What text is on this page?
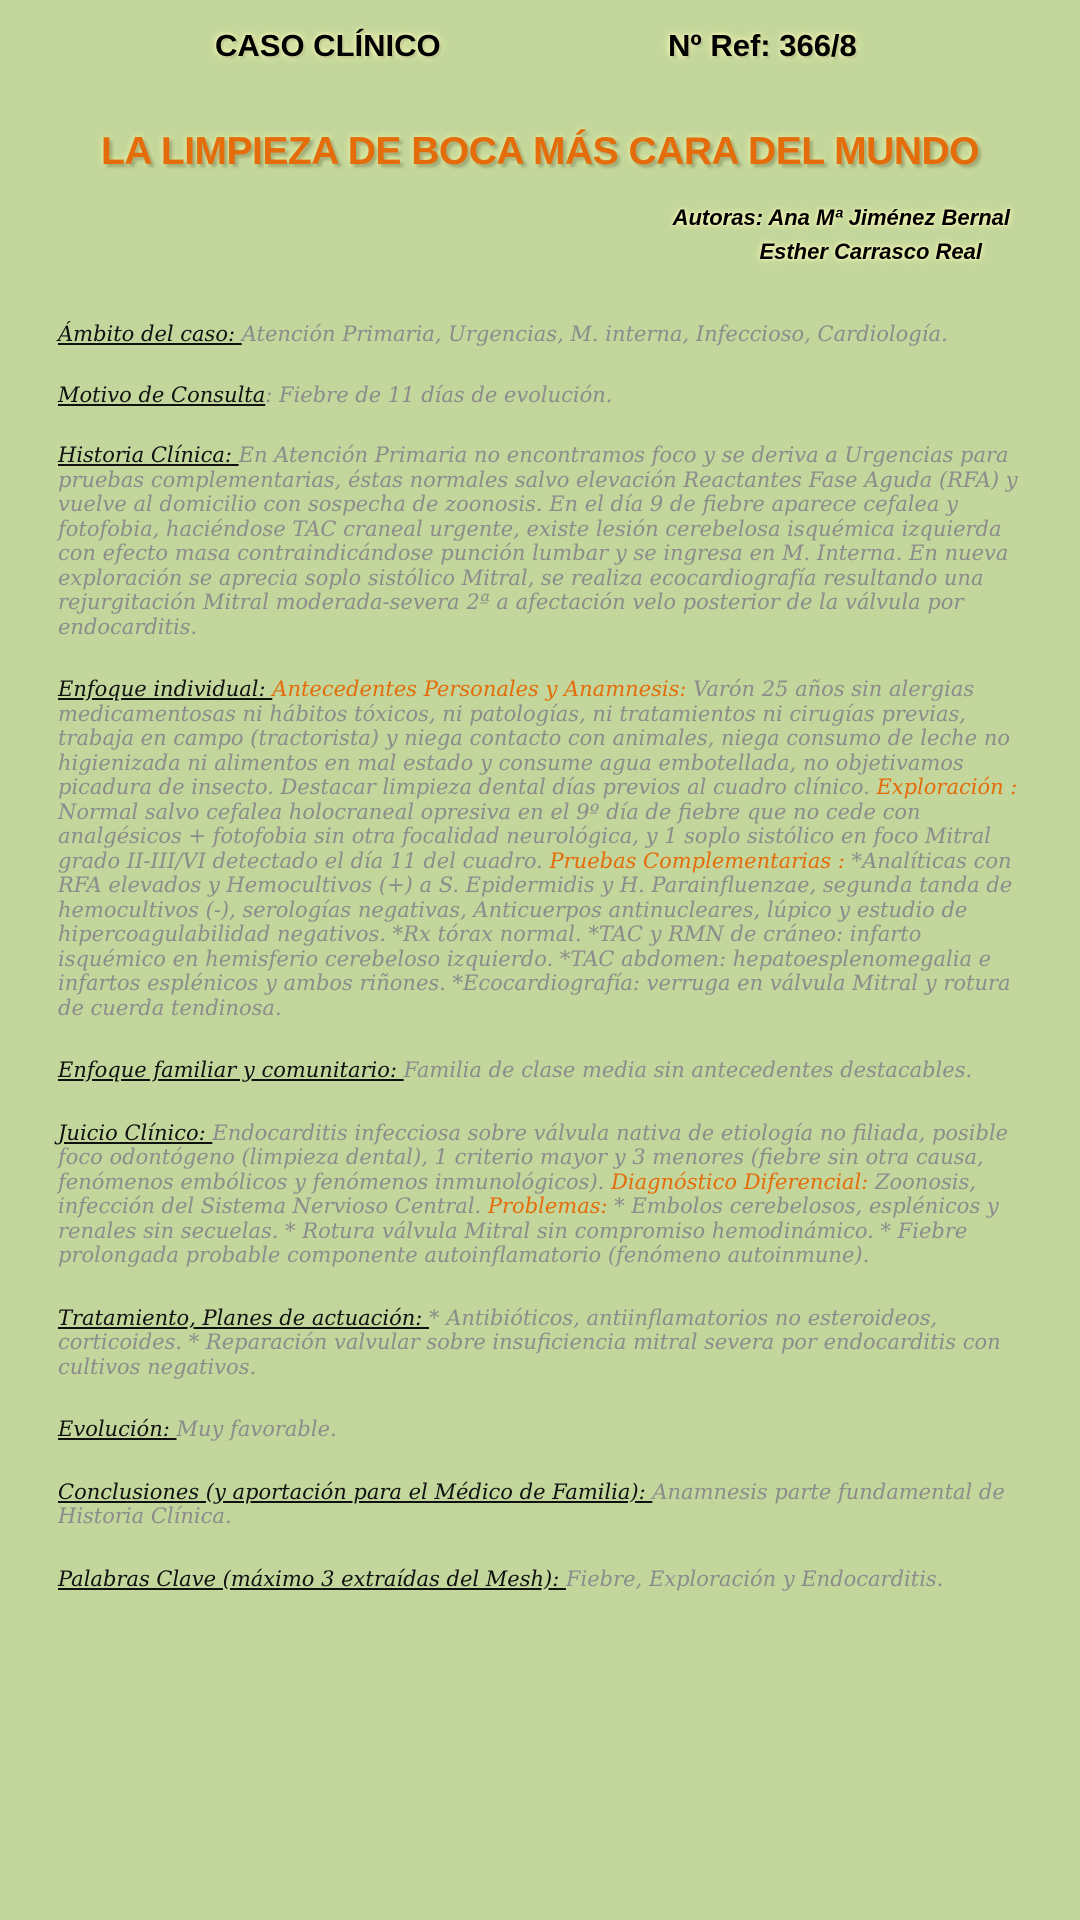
CASO CLÍNICO	Nº Ref: 366/8
LA LIMPIEZA DE BOCA MÁS CARA DEL MUNDO
Autoras: Ana Mª Jiménez Bernal
Esther Carrasco Real

Ámbito del caso: Atención Primaria, Urgencias, M. interna, Infeccioso, Cardiología.

Motivo de Consulta: Fiebre de 11 días de evolución.

Historia Clínica: En Atención Primaria no encontramos foco y se deriva a Urgencias para pruebas complementarias, éstas normales salvo elevación Reactantes Fase Aguda (RFA) y vuelve al domicilio con sospecha de zoonosis. En el día 9 de fiebre aparece cefalea y fotofobia, haciéndose TAC craneal urgente, existe lesión cerebelosa isquémica izquierda con efecto masa contraindicándose punción lumbar y se ingresa en M. Interna. En nueva exploración se aprecia soplo sistólico Mitral, se realiza ecocardiografía resultando una rejurgitación Mitral moderada-severa 2ª a afectación velo posterior de la válvula por endocarditis.

Enfoque individual: Antecedentes Personales y Anamnesis: Varón 25 años sin alergias medicamentosas ni hábitos tóxicos, ni patologías, ni tratamientos ni cirugías previas, trabaja en campo (tractorista) y niega contacto con animales, niega consumo de leche no higienizada ni alimentos en mal estado y consume agua embotellada, no objetivamos picadura de insecto. Destacar limpieza dental días previos al cuadro clínico. Exploración : Normal salvo cefalea holocraneal opresiva en el 9º día de fiebre que no cede con analgésicos + fotofobia sin otra focalidad neurológica, y 1 soplo sistólico en foco Mitral grado II-III/VI detectado el día 11 del cuadro. Pruebas Complementarias : *Analíticas con RFA elevados y Hemocultivos (+) a S. Epidermidis y H. Parainfluenzae, segunda tanda de hemocultivos (-), serologías negativas, Anticuerpos antinucleares, lúpico y estudio de hipercoagulabilidad negativos. *Rx tórax normal. *TAC y RMN de cráneo: infarto isquémico en hemisferio cerebeloso izquierdo. *TAC abdomen: hepatoesplenomegalia e infartos esplénicos y ambos riñones. *Ecocardiografía: verruga en válvula Mitral y rotura de cuerda tendinosa.

Enfoque familiar y comunitario: Familia de clase media sin antecedentes destacables.

Juicio Clínico: Endocarditis infecciosa sobre válvula nativa de etiología no filiada, posible foco odontógeno (limpieza dental), 1 criterio mayor y 3 menores (fiebre sin otra causa, fenómenos embólicos y fenómenos inmunológicos). Diagnóstico Diferencial: Zoonosis, infección del Sistema Nervioso Central. Problemas: * Embolos cerebelosos, esplénicos y renales sin secuelas. * Rotura válvula Mitral sin compromiso hemodinámico. * Fiebre prolongada probable componente autoinflamatorio (fenómeno autoinmune).

Tratamiento, Planes de actuación: * Antibióticos, antiinflamatorios no esteroideos, corticoides. * Reparación valvular sobre insuficiencia mitral severa por endocarditis con cultivos negativos.

Evolución: Muy favorable.

Conclusiones (y aportación para el Médico de Familia): Anamnesis parte fundamental de Historia Clínica.

Palabras Clave (máximo 3 extraídas del Mesh): Fiebre, Exploración y Endocarditis.
